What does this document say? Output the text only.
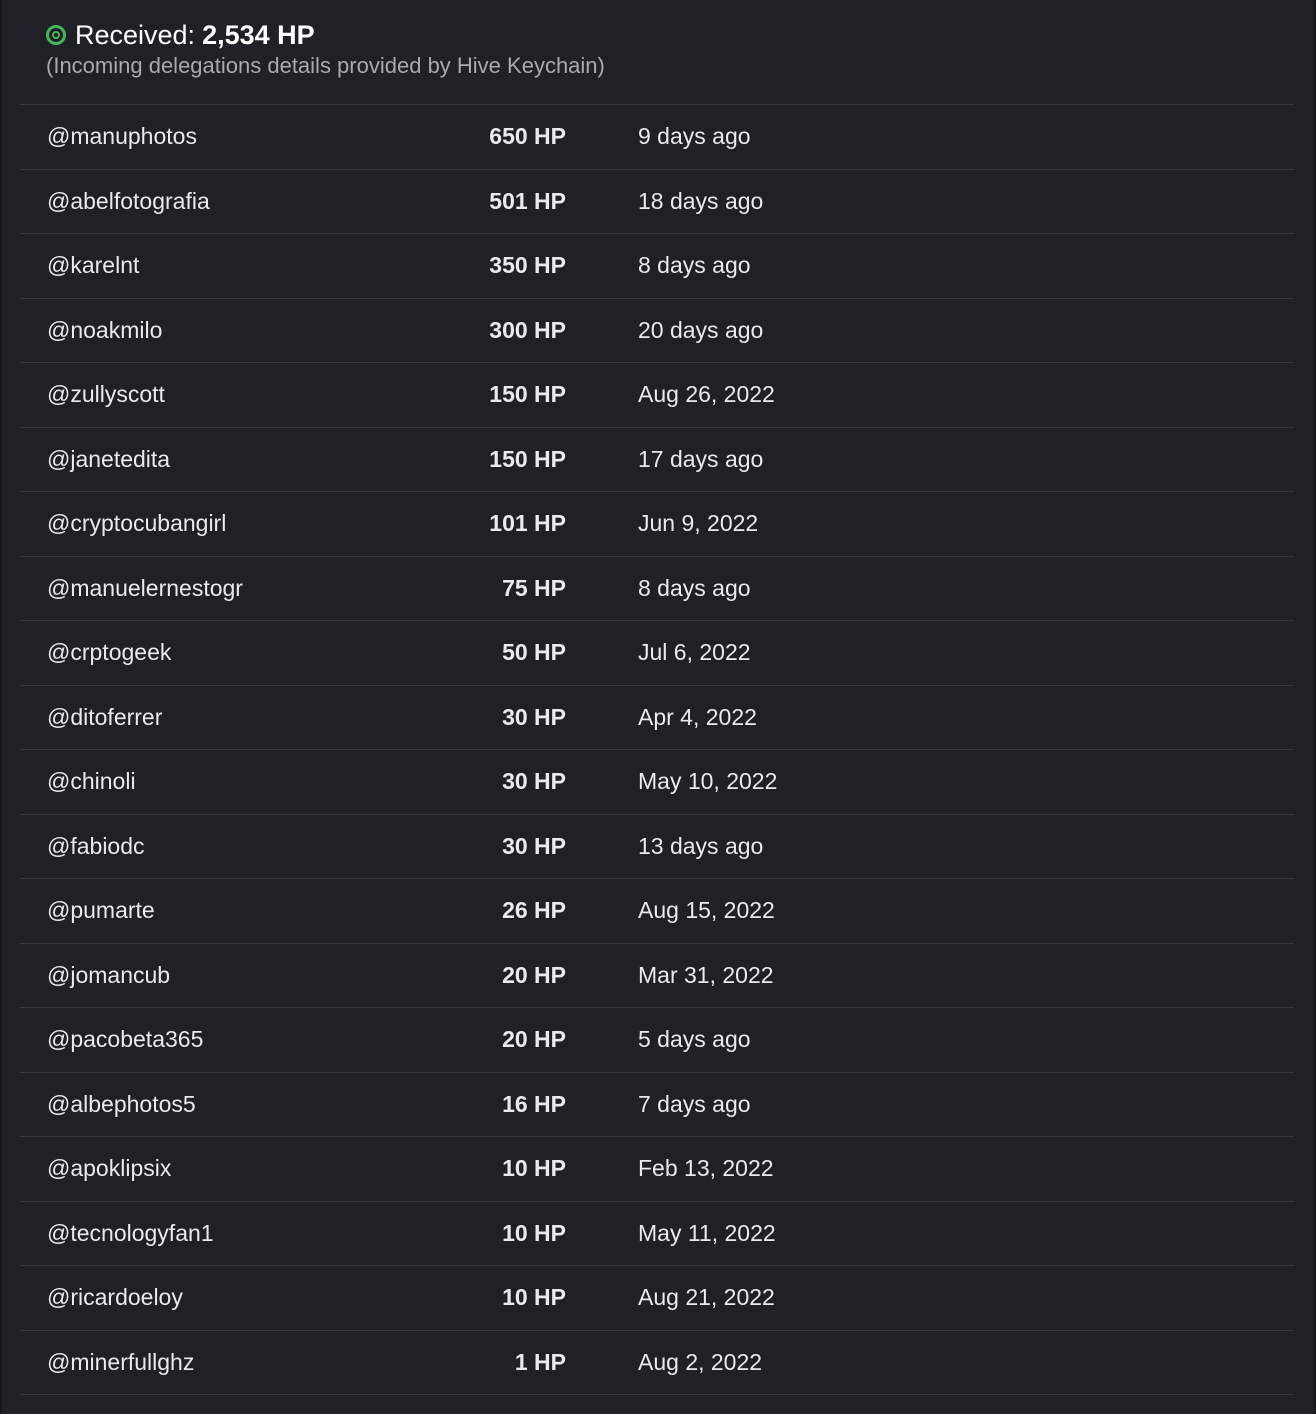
Received: 2,534 HP
(Incoming delegations details provided by Hive Keychain)
@manuphotos	650 HP	9 days ago
@abelfotografia	501 HP	18 days ago
@karelnt	350 HP	8 days ago
@noakmilo	300 HP	20 days ago
@zullyscott	150 HP	Aug 26, 2022
@janetedita	150 HP	17 days ago
@cryptocubangirl	101 HP	Jun 9, 2022
@manuelernestogr	75 HP	8 days ago
@crptogeek	50 HP	Jul 6, 2022
@ditoferrer	30 HP	Apr 4, 2022
@chinoli	30 HP	May 10, 2022
@fabiodc	30 HP	13 days ago
@pumarte	26 HP	Aug 15, 2022
@jomancub	20 HP	Mar 31, 2022
@pacobeta365	20 HP	5 days ago
@albephotos5	16 HP	7 days ago
@apoklipsix	10 HP	Feb 13, 2022
@tecnologyfan1	10 HP	May 11, 2022
@ricardoeloy	10 HP	Aug 21, 2022
@minerfullghz	1 HP	Aug 2, 2022
